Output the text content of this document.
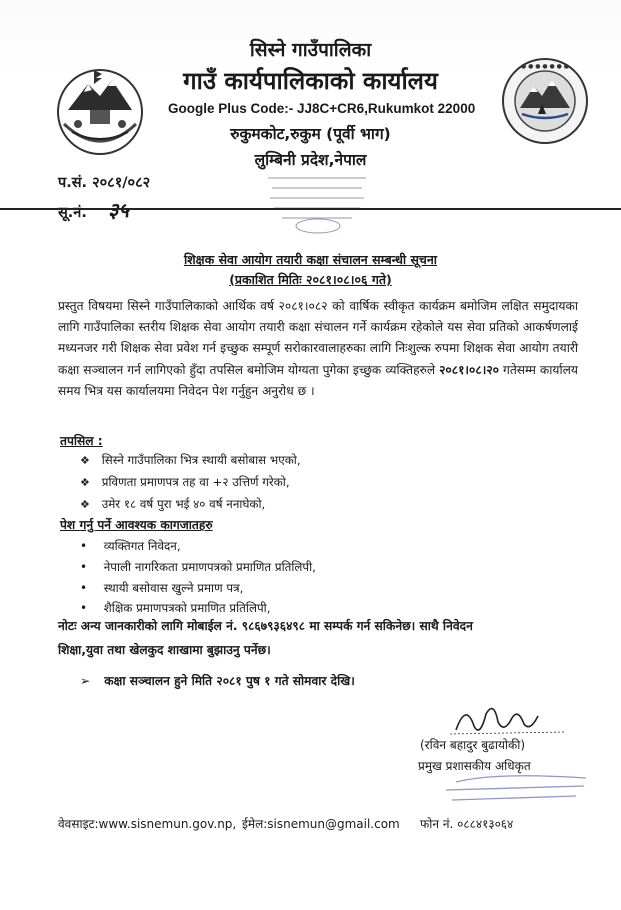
● ● ● ● ● ● ●
सिस्ने गाउँपालिका
गाउँ कार्यपालिकाको कार्यालय
Google Plus Code:- JJ8C+CR6,Rukumkot 22000
रुकुमकोट,रुकुम (पूर्वी भाग)
लुम्बिनी प्रदेश,नेपाल
प.सं. २०८१/०८२
सू.नं. ३५
शिक्षक सेवा आयोग तयारी कक्षा संचालन सम्बन्धी सूचना
(प्रकाशित मितिः २०८१।०८।०६ गते)
प्रस्तुत विषयमा सिस्ने गाउँपालिकाको आर्थिक वर्ष २०८१।०८२ को वार्षिक स्वीकृत कार्यक्रम बमोजिम लक्षित समुदायका लागि गाउँपालिका स्तरीय शिक्षक सेवा आयोग तयारी कक्षा संचालन गर्ने कार्यक्रम रहेकोले यस सेवा प्रतिको आकर्षणलाई मध्यनजर गरी शिक्षक सेवा प्रवेश गर्न इच्छुक सम्पूर्ण सरोकारवालाहरुका लागि निःशुल्क रुपमा शिक्षक सेवा आयोग तयारी कक्षा सञ्चालन गर्न लागिएको हुँदा तपसिल बमोजिम योग्यता पुगेका इच्छुक व्यक्तिहरुले २०८१।०८।२० गतेसम्म कार्यालय समय भित्र यस कार्यालयमा निवेदन पेश गर्नुहुन अनुरोध छ ।
तपसिल :
❖ सिस्ने गाउँपालिका भित्र स्थायी बसोबास भएको,
❖ प्रविणता प्रमाणपत्र तह वा +२ उत्तिर्ण गरेको,
❖ उमेर १८ वर्ष पुरा भई ४० वर्ष ननाघेको,
पेश गर्नु पर्ने आवश्यक कागजातहरु
• व्यक्तिगत निवेदन,
• नेपाली नागरिकता प्रमाणपत्रको प्रमाणित प्रतिलिपी,
• स्थायी बसोवास खुल्ने प्रमाण पत्र,
• शैक्षिक प्रमाणपत्रको प्रमाणित प्रतिलिपी,
नोटः अन्य जानकारीको लागि मोबाईल नं. ९८६७९३६४९८ मा सम्पर्क गर्न सकिनेछ। साथै निवेदन
शिक्षा,युवा तथा खेलकुद शाखामा बुझाउनु पर्नेछ।
➢ कक्षा सञ्चालन हुने मिति २०८१ पुष १ गते सोमवार देखि।
(रविन बहादुर बुढायोकी)
प्रमुख प्रशासकीय अधिकृत
वेवसाइट:www.sisnemun.gov.np, ईमेल:sisnemun@gmail.com फोन नं. ०८८४१३०६४
